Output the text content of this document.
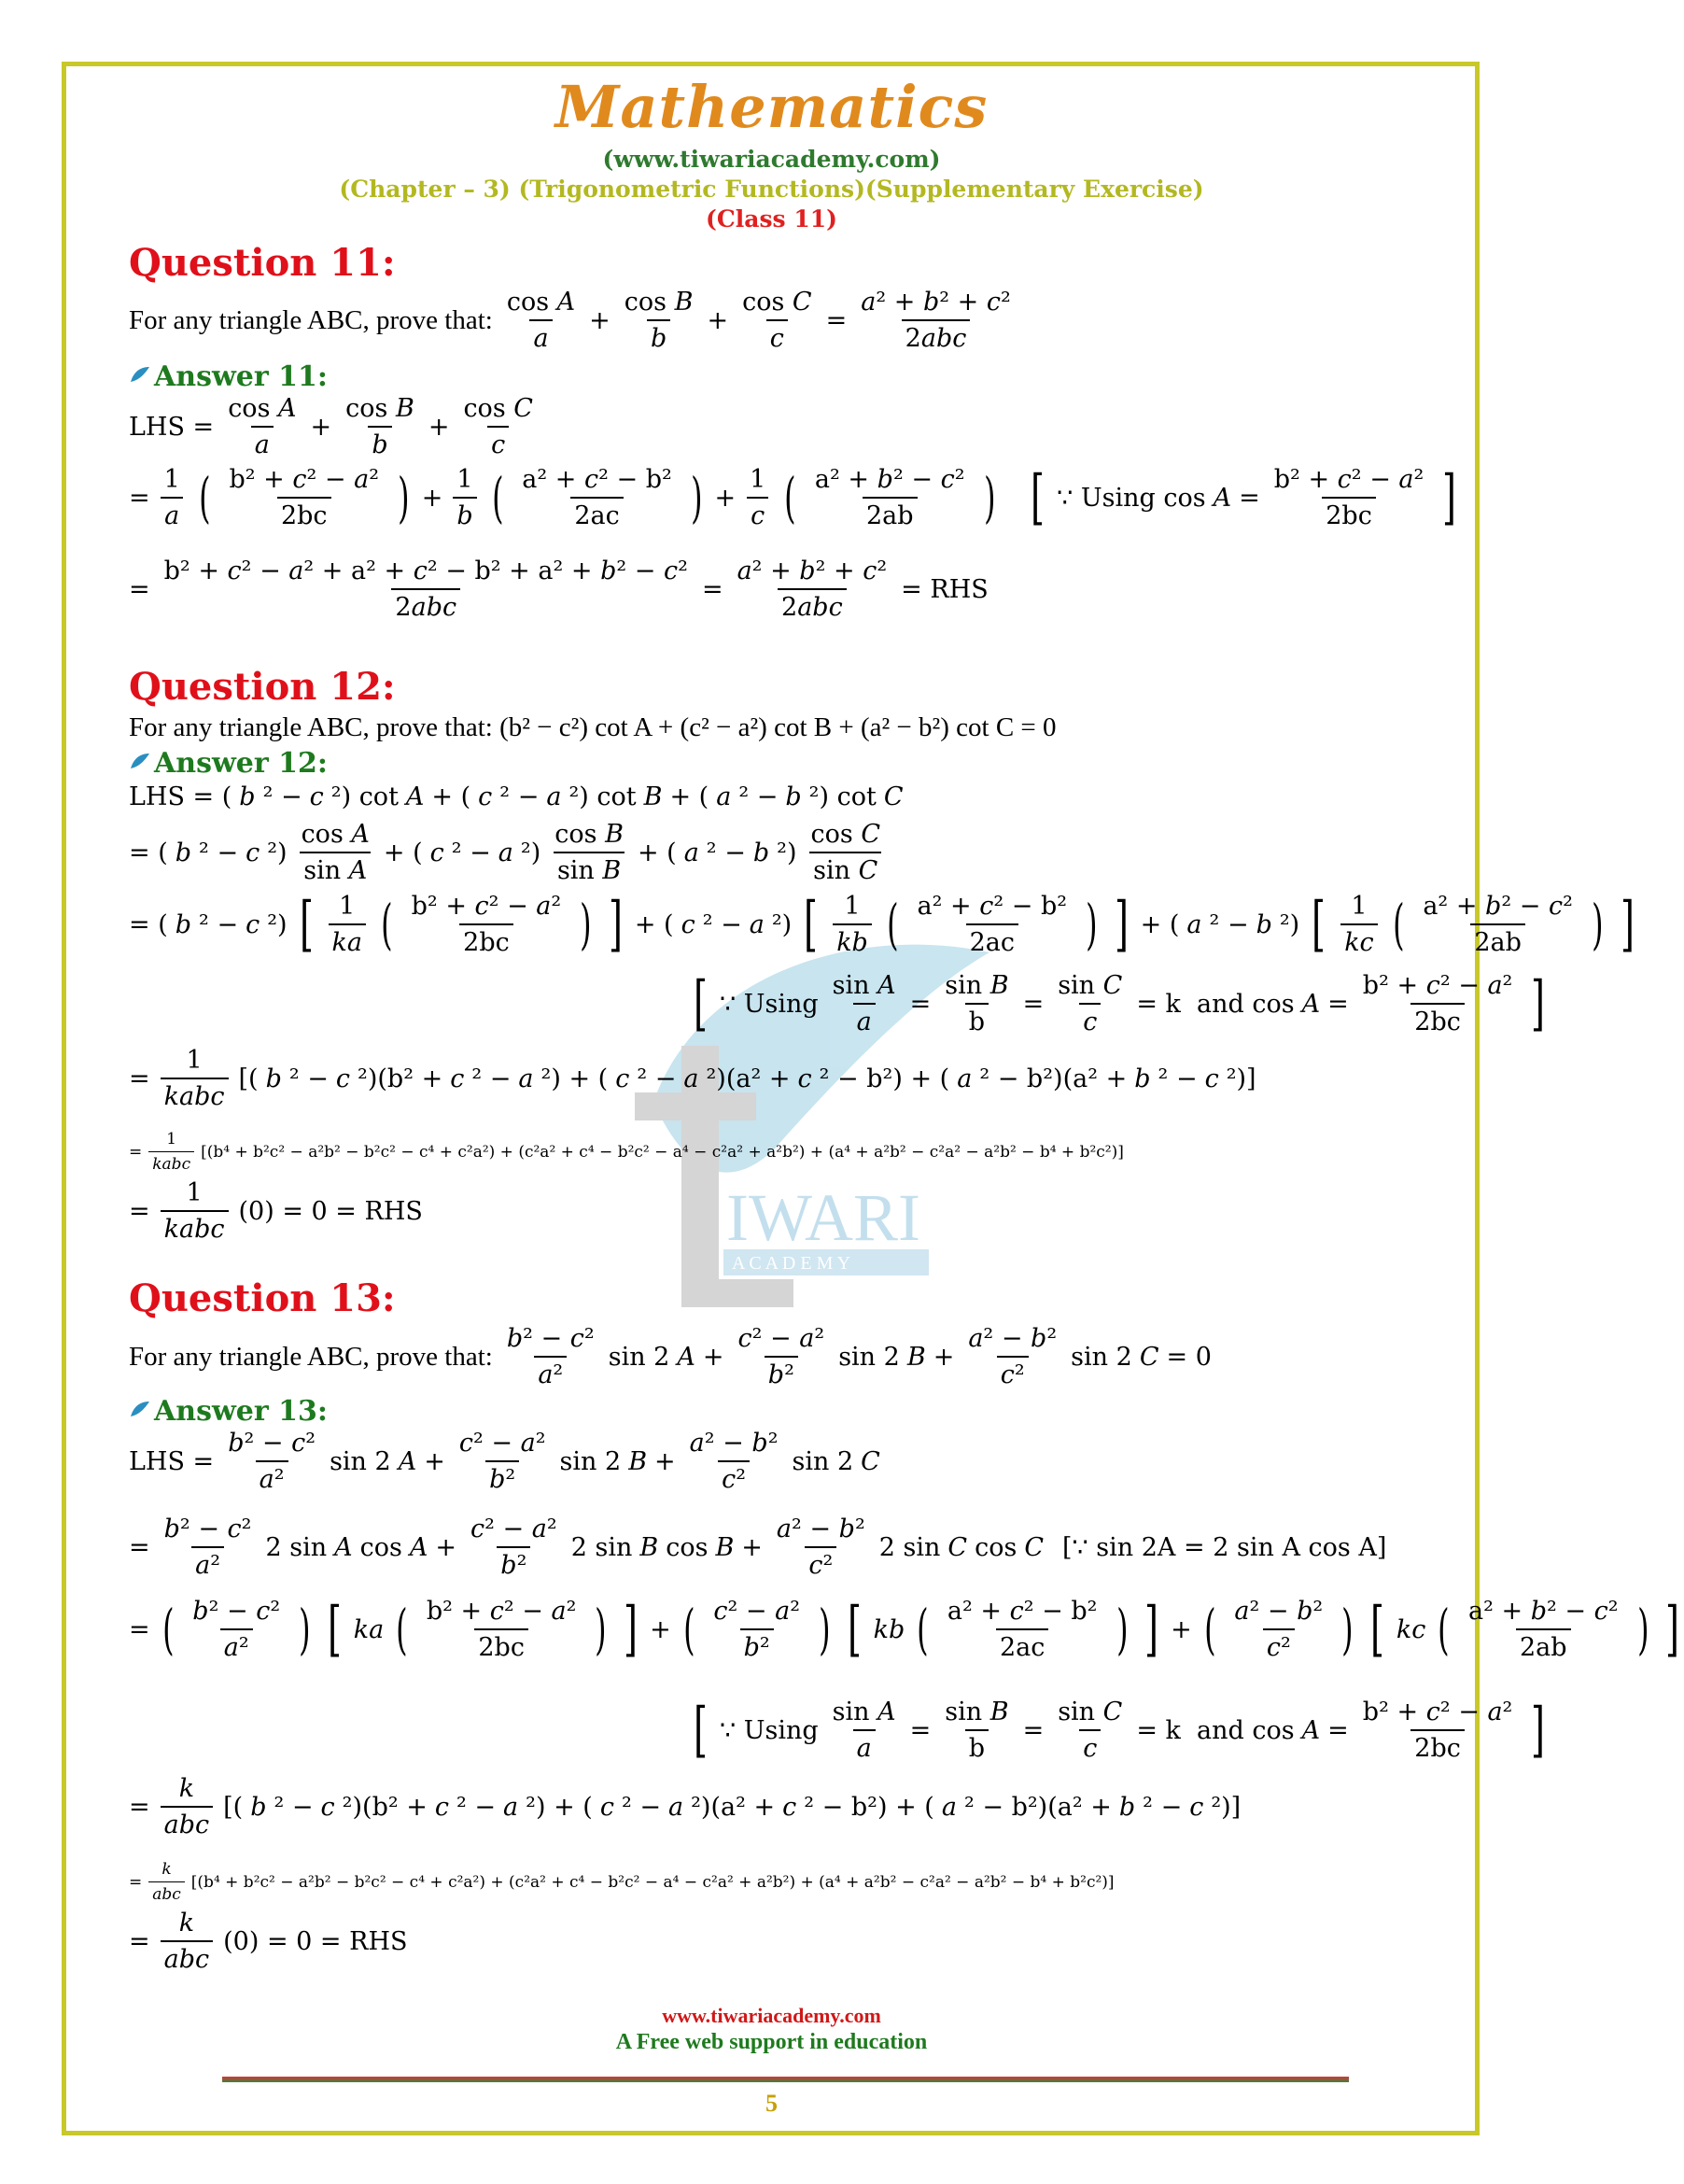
IWARI
A C A D E M Y
Mathematics
(www.tiwariacademy.com)
(Chapter – 3) (Trigonometric Functions)(Supplementary Exercise)
(Class 11)
Question 11:
For any triangle ABC, prove that: $\frac{\text{cos A}}{a} + \frac{\text{cos B}}{b} + \frac{\text{cos C}}{c} = \frac{\text{a² + b² + c²}}{\text{2abc}}$
Answer 11:
LHS = $\frac{\text{cos A}}{a} + \frac{\text{cos B}}{b} + \frac{\text{cos C}}{c}$
= $\frac{1}{a}$ ( $\frac{\text{b² + c² − a²}}{2bc}$ ) + $\frac{1}{b}$ ( $\frac{\text{a² + c² − b²}}{2ac}$ ) + $\frac{1}{c}$ ( $\frac{\text{a² + b² − c²}}{2ab}$ ) [ ∵ Using $\cos A = \frac{\text{b² + c² − a²}}{2bc}$ ]
= $\frac{\text{b² + c² − a² + a² + c² − b² + a² + b² − c²}}{\text{2abc}} = \frac{\text{a² + b² + c²}}{\text{2abc}}$ = RHS
Question 12:
For any triangle ABC, prove that: (b² − c²) cot A + (c² − a²) cot B + (a² − b²) cot C = 0
Answer 12:
LHS = ( b ² − c ²) cot A + ( c ² − a ²) cot B + ( a ² − b ²) cot C
= ( b ² − c $^2) \frac{\text{cos A}}{\text{sin A}}$ + ( c ² − a $^2) \frac{\text{cos B}}{\text{sin B}}$ + ( a ² − b $^2) \frac{\text{cos C}}{\text{sin C}}$
= ( b ² − c ²) [ $\frac{1}{ka}$ ( $\frac{\text{b² + c² − a²}}{2bc}$ ) ] + ( c ² − a ²) [ $\frac{1}{kb}$ ( $\frac{\text{a² + c² − b²}}{2ac}$ ) ] + ( a ² − b ²) [ $\frac{1}{kc}$ ( $\frac{\text{a² + b² − c²}}{2ab}$ ) ]
[ ∵ Using $\frac{\text{sin A}}{a} = \frac{\text{sin B}}{b} = \frac{\text{sin C}}{c} = k$  and $\cos A = \frac{\text{b² + c² − a²}}{2bc}$ ]
= $\frac{1}{\text{kabc}}$ [( b ² − c ²)(b² + c ² − a ²) + ( c ² − a ²)(a² + c ² − b²) + ( a ² − b²)(a² + b ² − c ²)]
= $\frac{1}{\text{kabc}} [(b^4 + b^2c^2 - a^2b^2 - b^2c^2 - c^4 + c^2a^2) + (c^2a^2 + c^4 - b^2c^2 - a^4 - c^2a^2 + a^2b^2) + (a^4 + a^2b^2 - c^2a^2 - a^2b^2 - b^4 + b^2c^2)]$
= $\frac{1}{\text{kabc}} (0) = 0$ = RHS
Question 13:
For any triangle ABC, prove that: $\frac{\text{b² − c²}}{\text{a²}}$ sin 2 $A + \frac{\text{c² − a²}}{\text{b²}}$ sin 2 $B + \frac{\text{a² − b²}}{\text{c²}}$ sin 2 C = 0
Answer 13:
LHS = $\frac{\text{b² − c²}}{\text{a²}}$ sin 2 $A + \frac{\text{c² − a²}}{\text{b²}}$ sin 2 $B + \frac{\text{a² − b²}}{\text{c²}}$ sin 2 C
= $\frac{\text{b² − c²}}{\text{a²}} 2$ sin A $\cos A + \frac{\text{c² − a²}}{\text{b²}} 2$ sin B $\cos B + \frac{\text{a² − b²}}{\text{c²}} 2$ sin C cos C [∵ sin 2A = 2 sin A cos A]
= ( $\frac{\text{b² − c²}}{\text{a²}}$ ) [ ka ( $\frac{\text{b² + c² − a²}}{2bc}$ ) ] + ( $\frac{\text{c² − a²}}{\text{b²}}$ ) [ kb ( $\frac{\text{a² + c² − b²}}{2ac}$ ) ] + ( $\frac{\text{a² − b²}}{\text{c²}}$ ) [ kc ( $\frac{\text{a² + b² − c²}}{2ab}$ ) ]
[ ∵ Using $\frac{\text{sin A}}{a} = \frac{\text{sin B}}{b} = \frac{\text{sin C}}{c} = k$  and $\cos A = \frac{\text{b² + c² − a²}}{2bc}$ ]
= $\frac{k}{\text{abc}}$ [( b ² − c ²)(b² + c ² − a ²) + ( c ² − a ²)(a² + c ² − b²) + ( a ² − b²)(a² + b ² − c ²)]
= $\frac{k}{\text{abc}} [(b^4 + b^2c^2 - a^2b^2 - b^2c^2 - c^4 + c^2a^2) + (c^2a^2 + c^4 - b^2c^2 - a^4 - c^2a^2 + a^2b^2) + (a^4 + a^2b^2 - c^2a^2 - a^2b^2 - b^4 + b^2c^2)]$
= $\frac{k}{\text{abc}} (0) = 0$ = RHS
www.tiwariacademy.com
A Free web support in education
5
